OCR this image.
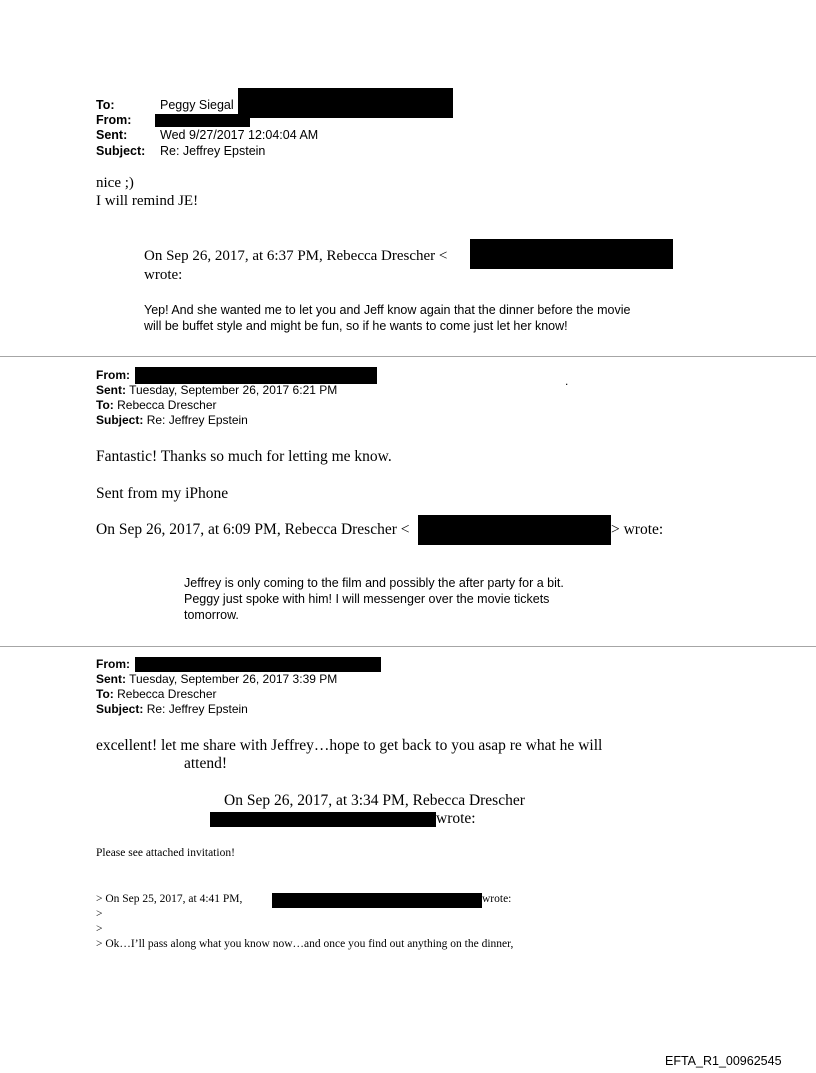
To:	Peggy Siegal
From:
Sent:	Wed 9/27/2017 12:04:04 AM
Subject: Re: Jeffrey Epstein
nice ;)
I will remind JE!
On Sep 26, 2017, at 6:37 PM, Rebecca Drescher <
wrote:
Yep! And she wanted me to let you and Jeff know again that the dinner before the movie
will be buffet style and might be fun, so if he wants to come just let her know!
From:
Sent: Tuesday, September 26, 2017 6:21 PM
.
To: Rebecca Drescher
Subject: Re: Jeffrey Epstein
Fantastic! Thanks so much for letting me know.
Sent from my iPhone
On Sep 26, 2017, at 6:09 PM, Rebecca Drescher <	> wrote:
Jeffrey is only coming to the film and possibly the after party for a bit.
Peggy just spoke with him! I will messenger over the movie tickets
tomorrow.
From:
Sent: Tuesday, September 26, 2017 3:39 PM
To: Rebecca Drescher
Subject: Re: Jeffrey Epstein
excellent! let me share with Jeffrey…hope to get back to you asap re what he will
attend!
On Sep 26, 2017, at 3:34 PM, Rebecca Drescher
wrote:
Please see attached invitation!
> On Sep 25, 2017, at 4:41 PM,	wrote:
>
>
> Ok…I’ll pass along what you know now…and once you find out anything on the dinner,
EFTA_R1_00962545
